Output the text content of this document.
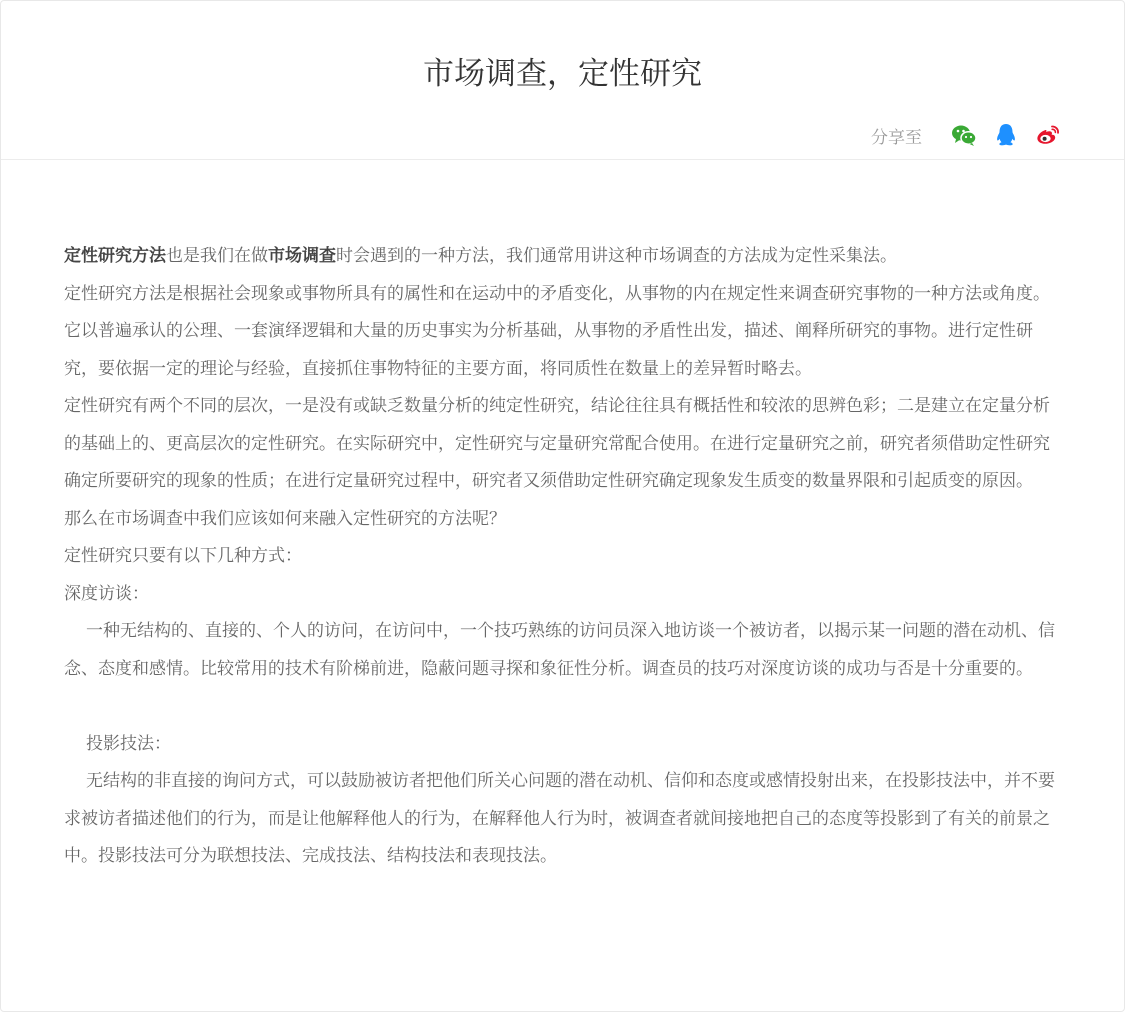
市场调查，定性研究
分享至

定性研究方法也是我们在做市场调查时会遇到的一种方法，我们通常用讲这种市场调查的方法成为定性采集法。

定性研究方法是根据社会现象或事物所具有的属性和在运动中的矛盾变化，从事物的内在规定性来调查研究事物的一种方法或角度。

它以普遍承认的公理、一套演绎逻辑和大量的历史事实为分析基础，从事物的矛盾性出发，描述、阐释所研究的事物。进行定性研究，要依据一定的理论与经验，直接抓住事物特征的主要方面，将同质性在数量上的差异暂时略去。

定性研究有两个不同的层次，一是没有或缺乏数量分析的纯定性研究，结论往往具有概括性和较浓的思辨色彩；二是建立在定量分析的基础上的、更高层次的定性研究。在实际研究中，定性研究与定量研究常配合使用。在进行定量研究之前，研究者须借助定性研究确定所要研究的现象的性质；在进行定量研究过程中，研究者又须借助定性研究确定现象发生质变的数量界限和引起质变的原因。

那么在市场调查中我们应该如何来融入定性研究的方法呢？

定性研究只要有以下几种方式：

深度访谈：

一种无结构的、直接的、个人的访问，在访问中，一个技巧熟练的访问员深入地访谈一个被访者，以揭示某一问题的潜在动机、信念、态度和感情。比较常用的技术有阶梯前进，隐蔽问题寻探和象征性分析。调查员的技巧对深度访谈的成功与否是十分重要的。

投影技法：

无结构的非直接的询问方式，可以鼓励被访者把他们所关心问题的潜在动机、信仰和态度或感情投射出来，在投影技法中，并不要求被访者描述他们的行为，而是让他解释他人的行为，在解释他人行为时，被调查者就间接地把自己的态度等投影到了有关的前景之中。投影技法可分为联想技法、完成技法、结构技法和表现技法。
